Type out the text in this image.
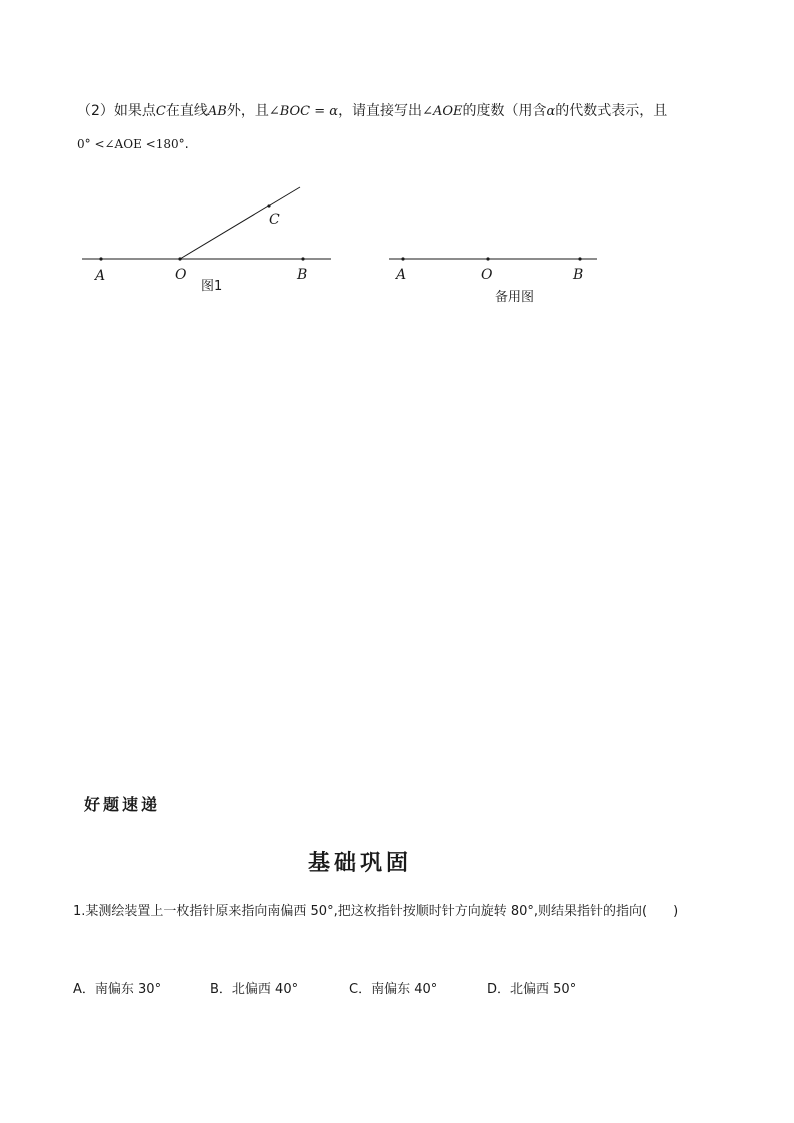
（2）如果点C在直线AB外，且∠BOC = α，请直接写出∠AOE的度数（用含α的代数式表示，且
0° <∠AOE <180°.
A	O	B
C
图1
A	O	B
备用图
好题速递
基础巩固
1.某测绘装置上一枚指针原来指向南偏西 50°,把这枚指针按顺时针方向旋转 80°,则结果指针的指向(　　)
A．南偏东 30°	B．北偏西 40°	C．南偏东 40°	D．北偏西 50°
